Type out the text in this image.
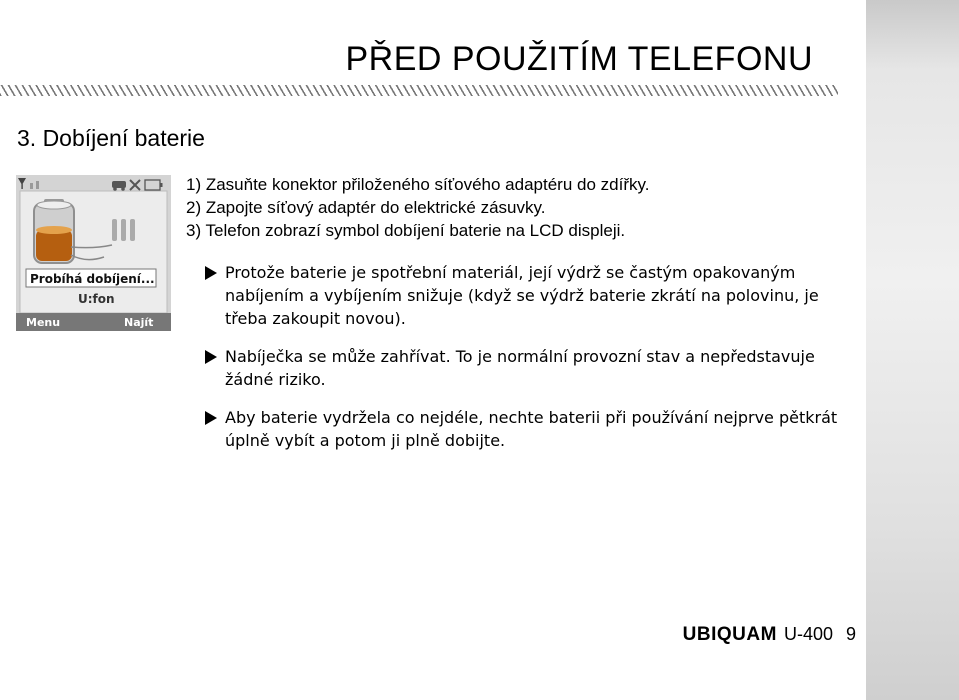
PŘED POUŽITÍM TELEFONU
3. Dobíjení baterie
Probíhá dobíjení...
U:fon
Menu	Najít
1) Zasuňte konektor přiloženého síťového adaptéru do zdířky.
2) Zapojte síťový adaptér do elektrické zásuvky.
3) Telefon zobrazí symbol dobíjení baterie na LCD displeji.
Protože baterie je spotřební materiál, její výdrž se častým opakovaným nabíjením a vybíjením snižuje (když se výdrž baterie zkrátí na polovinu, je třeba zakoupit novou).
Nabíječka se může zahřívat. To je normální provozní stav a nepředstavuje žádné riziko.
Aby baterie vydržela co nejdéle, nechte baterii při používání nejprve pětkrát úplně vybít a potom ji plně dobijte.
UBIQUAM U-400 9
